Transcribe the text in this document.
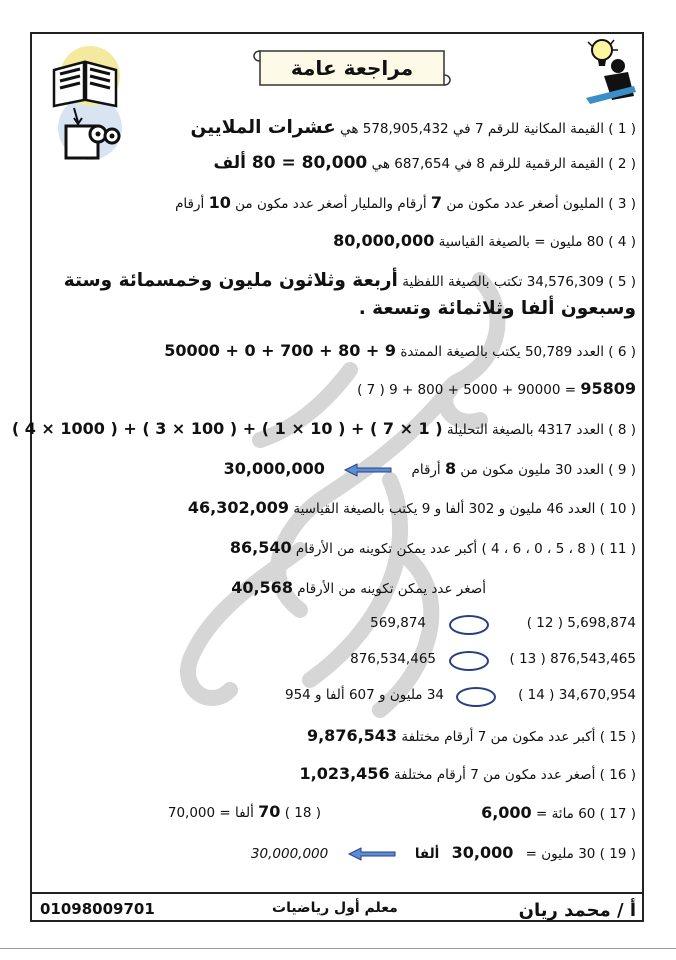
محمد ريان
مراجعة عامة
( 1 ) القيمة المكانية للرقم 7 في 578,905,432 هي عشرات الملايين
( 2 ) القيمة الرقمية للرقم 8 في 687,654 هي 80,000 = 80 ألف
( 3 ) المليون أصغر عدد مكون من 7 أرقام والمليار أصغر عدد مكون من 10 أرقام
( 4 ) 80 مليون = بالصيغة القياسية 80,000,000
( 5 ) 34,576,309 تكتب بالصيغة اللفظية أربعة وثلاثون مليون وخمسمائة وستة
وسبعون ألفا وثلاثمائة وتسعة .
( 6 ) العدد 50,789 يكتب بالصيغة الممتدة 50000 + 0 + 700 + 80 + 9
( 7 ) 9 + 800 + 5000 + 90000 = 95809
( 8 ) العدد 4317 بالصيغة التحليلة ( 4 × 1000 ) + ( 3 × 100 ) + ( 1 × 10 ) + ( 7 × 1 )
( 9 ) العدد 30 مليون مكون من 8 أرقام  30,000,000
( 10 ) العدد 46 مليون و 302 ألفا و 9 يكتب بالصيغة القياسية 46,302,009
( 11 ) ( 8 ، 5 ، 0 ، 6 ، 4 ) أكبر عدد يمكن تكوينه من الأرقام 86,540
أصغر عدد يمكن تكوينه من الأرقام 40,568
( 12 ) 5,698,874
569,874
( 13 ) 876,543,465
876,534,465
( 14 ) 34,670,954
34 مليون و 607 ألفا و 954
( 15 ) أكبر عدد مكون من 7 أرقام مختلفة 9,876,543
( 16 ) أصغر عدد مكون من 7 أرقام مختلفة 1,023,456
( 17 ) 60 مائة = 6,000
( 18 ) 70 ألفا = 70,000
( 19 ) 30 مليون = 30,000 ألفا  30,000,000
أ / محمد ريان
معلم أول رياضيات
01098009701
